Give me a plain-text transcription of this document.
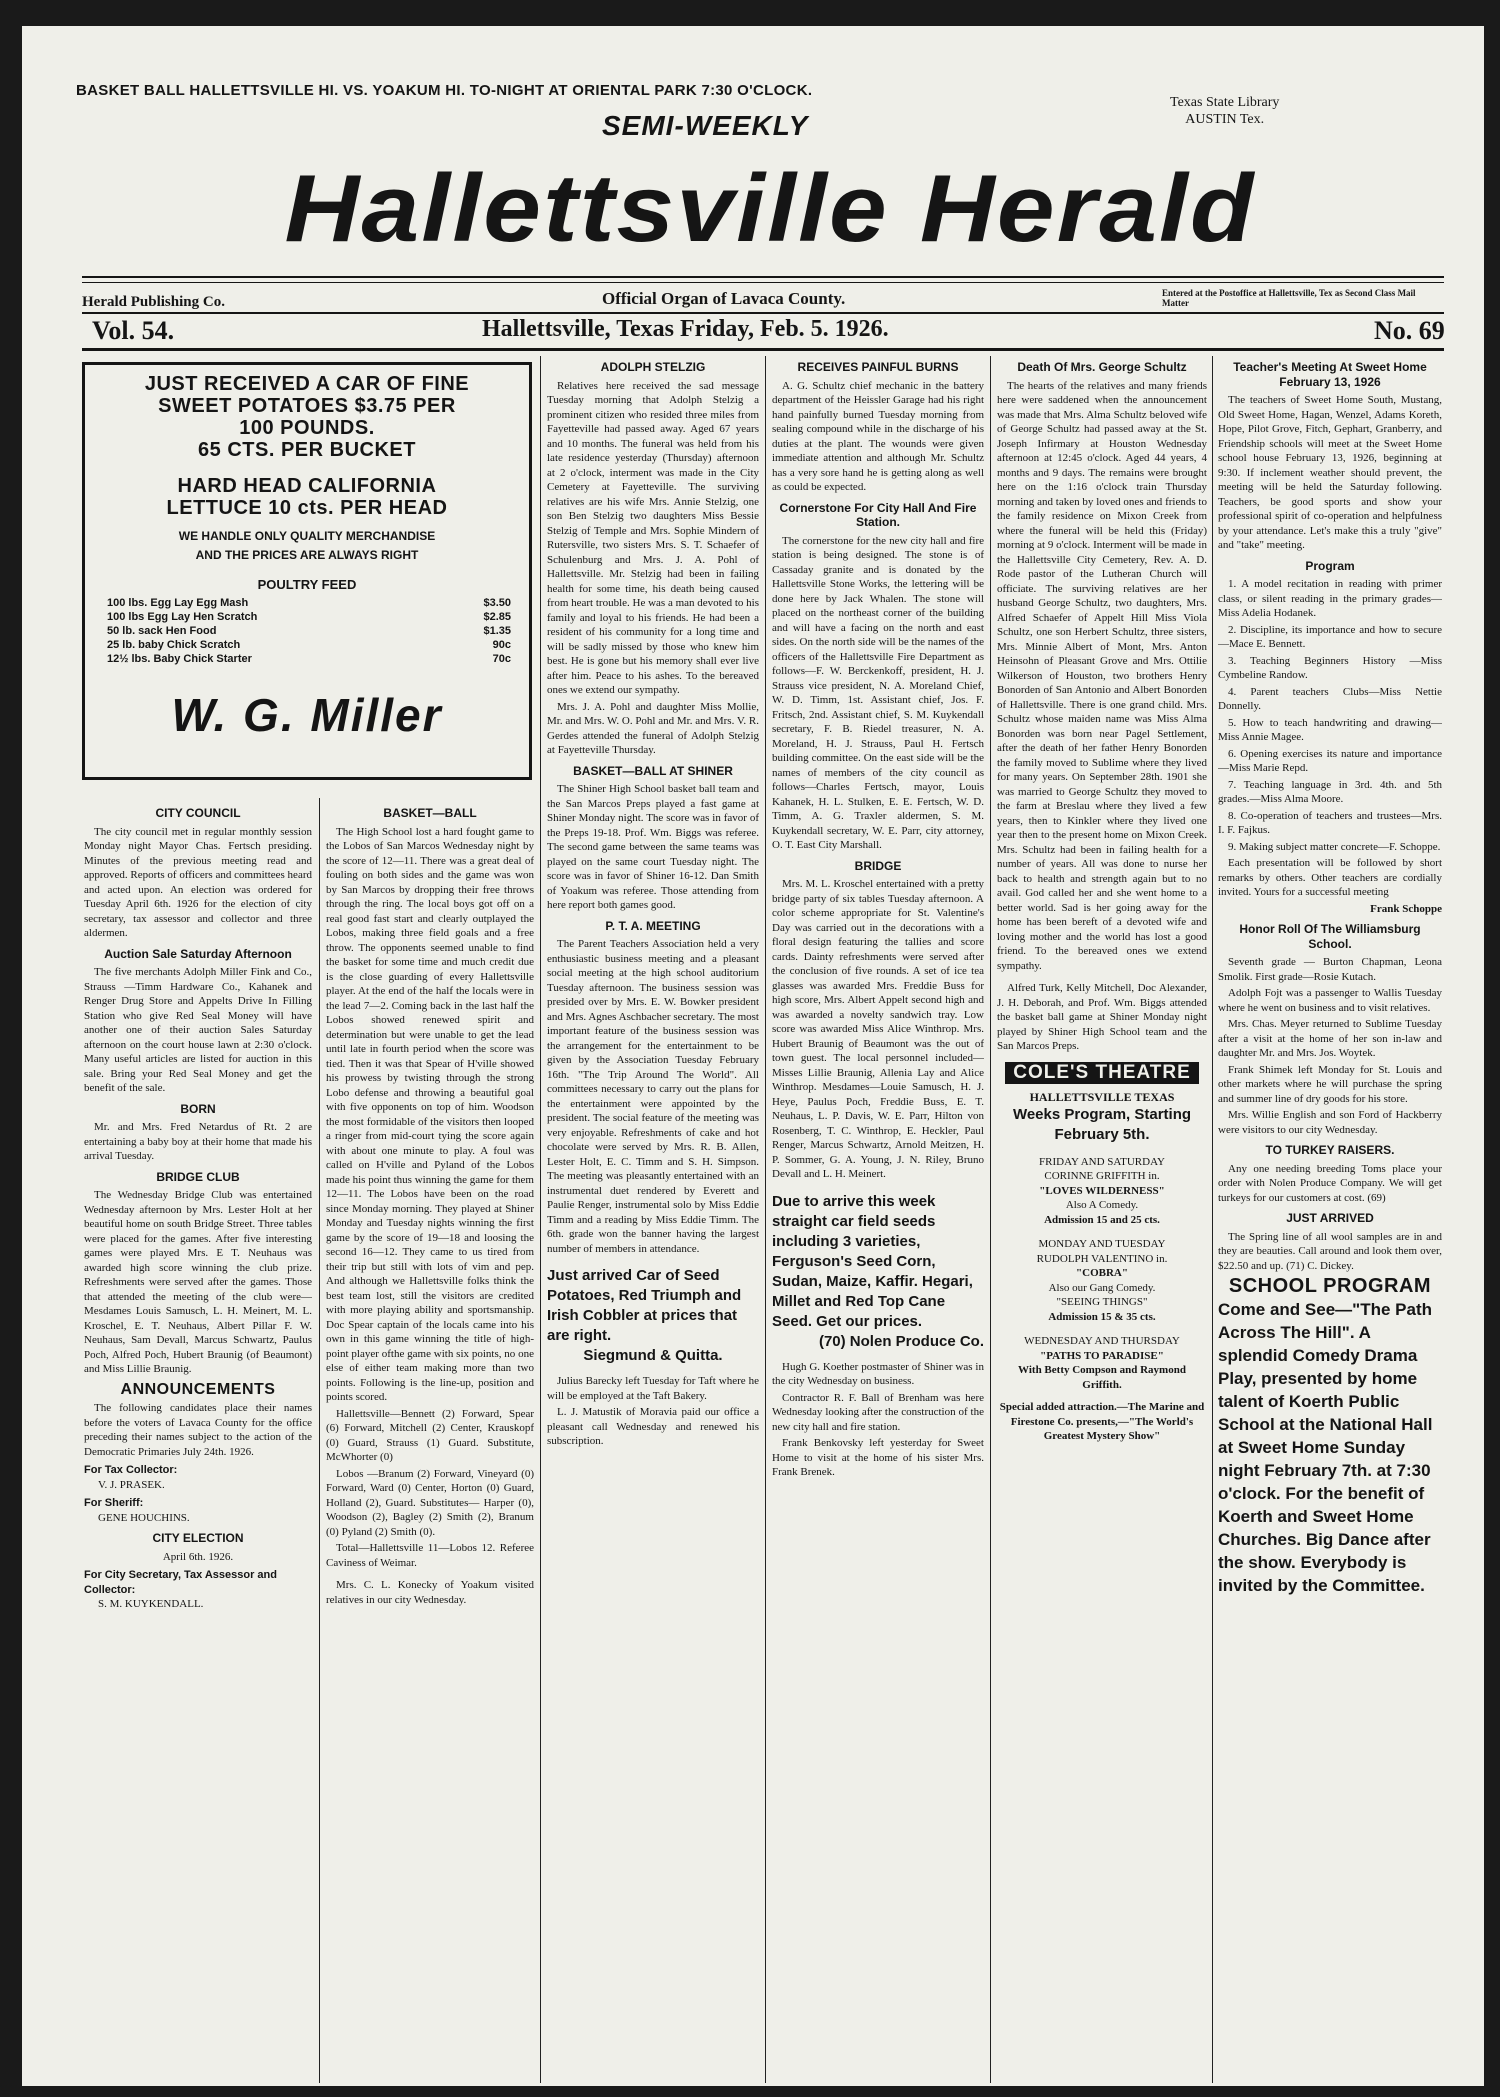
BASKET BALL HALLETTSVILLE HI. VS. YOAKUM HI. TO-NIGHT AT ORIENTAL PARK 7:30 O'CLOCK.
Texas State Library
AUSTIN Tex.
SEMI-WEEKLY
Hallettsville Herald
Herald Publishing Co.	Official Organ of Lavaca County.	Entered at the Postoffice at Hallettsville, Tex as Second Class Mail Matter
Vol. 54.	Hallettsville, Texas Friday, Feb. 5. 1926.	No. 69
JUST RECEIVED A CAR OF FINE
SWEET POTATOES $3.75 PER
100 POUNDS.
65 CTS. PER BUCKET
HARD HEAD CALIFORNIA
LETTUCE 10 cts. PER HEAD
WE HANDLE ONLY QUALITY MERCHANDISE
AND THE PRICES ARE ALWAYS RIGHT
POULTRY FEED
100 lbs. Egg Lay Egg Mash	$3.50
100 lbs Egg Lay Hen Scratch	$2.85
50 lb. sack Hen Food	$1.35
25 lb. baby Chick Scratch	90c
12½ lbs. Baby Chick Starter	70c
W. G. Miller
CITY COUNCIL

The city council met in regular monthly session Monday night Mayor Chas. Fertsch presiding. Minutes of the previous meeting read and approved. Reports of officers and committees heard and acted upon. An election was ordered for Tuesday April 6th. 1926 for the election of city secretary, tax assessor and collector and three aldermen.

Auction Sale Saturday Afternoon

The five merchants Adolph Miller Fink and Co., Strauss —Timm Hardware Co., Kahanek and Renger Drug Store and Appelts Drive In Filling Station who give Red Seal Money will have another one of their auction Sales Saturday afternoon on the court house lawn at 2:30 o'clock. Many useful articles are listed for auction in this sale. Bring your Red Seal Money and get the benefit of the sale.

BORN

Mr. and Mrs. Fred Netardus of Rt. 2 are entertaining a baby boy at their home that made his arrival Tuesday.

BRIDGE CLUB

The Wednesday Bridge Club was entertained Wednesday afternoon by Mrs. Lester Holt at her beautiful home on south Bridge Street. Three tables were placed for the games. After five interesting games were played Mrs. E T. Neuhaus was awarded high score winning the club prize. Refreshments were served after the games. Those that attended the meeting of the club were— Mesdames Louis Samusch, L. H. Meinert, M. L. Kroschel, E. T. Neuhaus, Albert Pillar F. W. Neuhaus, Sam Devall, Marcus Schwartz, Paulus Poch, Alfred Poch, Hubert Braunig (of Beaumont) and Miss Lillie Braunig.

ANNOUNCEMENTS

The following candidates place their names before the voters of Lavaca County for the office preceding their names subject to the action of the Democratic Primaries July 24th. 1926.

For Tax Collector:
V. J. PRASEK.
For Sheriff:
GENE HOUCHINS.
CITY ELECTION
April 6th. 1926.
For City Secretary, Tax Assessor and Collector:
S. M. KUYKENDALL.
BASKET—BALL

The High School lost a hard fought game to the Lobos of San Marcos Wednesday night by the score of 12—11. There was a great deal of fouling on both sides and the game was won by San Marcos by dropping their free throws through the ring. The local boys got off on a real good fast start and clearly outplayed the Lobos, making three field goals and a free throw. The opponents seemed unable to find the basket for some time and much credit due is the close guarding of every Hallettsville player. At the end of the half the locals were in the lead 7—2. Coming back in the last half the Lobos showed renewed spirit and determination but were unable to get the lead until late in fourth period when the score was tied. Then it was that Spear of H'ville showed his prowess by twisting through the strong Lobo defense and throwing a beautiful goal with five opponents on top of him. Woodson the most formidable of the visitors then looped a ringer from mid-court tying the score again with about one minute to play. A foul was called on H'ville and Pyland of the Lobos made his point thus winning the game for them 12—11. The Lobos have been on the road since Monday morning. They played at Shiner Monday and Tuesday nights winning the first game by the score of 19—18 and loosing the second 16—12. They came to us tired from their trip but still with lots of vim and pep. And although we Hallettsville folks think the best team lost, still the visitors are credited with more playing ability and sportsmanship. Doc Spear captain of the locals came into his own in this game winning the title of high-point player ofthe game with six points, no one else of either team making more than two points. Following is the line-up, position and points scored.

Hallettsville—Bennett (2) Forward, Spear (6) Forward, Mitchell (2) Center, Krauskopf (0) Guard, Strauss (1) Guard. Substitute, McWhorter (0)

Lobos —Branum (2) Forward, Vineyard (0) Forward, Ward (0) Center, Horton (0) Guard, Holland (2), Guard. Substitutes— Harper (0), Woodson (2), Bagley (2) Smith (2), Branum (0) Pyland (2) Smith (0).

Total—Hallettsville 11—Lobos 12. Referee Caviness of Weimar.

Mrs. C. L. Konecky of Yoakum visited relatives in our city Wednesday.

ADOLPH STELZIG

Relatives here received the sad message Tuesday morning that Adolph Stelzig a prominent citizen who resided three miles from Fayetteville had passed away. Aged 67 years and 10 months. The funeral was held from his late residence yesterday (Thursday) afternoon at 2 o'clock, interment was made in the City Cemetery at Fayetteville. The surviving relatives are his wife Mrs. Annie Stelzig, one son Ben Stelzig two daughters Miss Bessie Stelzig of Temple and Mrs. Sophie Mindern of Rutersville, two sisters Mrs. S. T. Schaefer of Schulenburg and Mrs. J. A. Pohl of Hallettsville. Mr. Stelzig had been in failing health for some time, his death being caused from heart trouble. He was a man devoted to his family and loyal to his friends. He had been a resident of his community for a long time and will be sadly missed by those who knew him best. He is gone but his memory shall ever live after him. Peace to his ashes. To the bereaved ones we extend our sympathy.

Mrs. J. A. Pohl and daughter Miss Mollie, Mr. and Mrs. W. O. Pohl and Mr. and Mrs. V. R. Gerdes attended the funeral of Adolph Stelzig at Fayetteville Thursday.

BASKET—BALL AT SHINER

The Shiner High School basket ball team and the San Marcos Preps played a fast game at Shiner Monday night. The score was in favor of the Preps 19-18. Prof. Wm. Biggs was referee. The second game between the same teams was played on the same court Tuesday night. The score was in favor of Shiner 16-12. Dan Smith of Yoakum was referee. Those attending from here report both games good.

P. T. A. MEETING

The Parent Teachers Association held a very enthusiastic business meeting and a pleasant social meeting at the high school auditorium Tuesday afternoon. The business session was presided over by Mrs. E. W. Bowker president and Mrs. Agnes Aschbacher secretary. The most important feature of the business session was the arrangement for the entertainment to be given by the Association Tuesday February 16th. "The Trip Around The World". All committees necessary to carry out the plans for the entertainment were appointed by the president. The social feature of the meeting was very enjoyable. Refreshments of cake and hot chocolate were served by Mrs. R. B. Allen, Lester Holt, E. C. Timm and S. H. Simpson. The meeting was pleasantly entertained with an instrumental duet rendered by Everett and Paulie Renger, instrumental solo by Miss Eddie Timm and a reading by Miss Eddie Timm. The 6th. grade won the banner having the largest number of members in attendance.

Just arrived Car of Seed Potatoes, Red Triumph and Irish Cobbler at prices that are right.
Siegmund & Quitta.

Julius Barecky left Tuesday for Taft where he will be employed at the Taft Bakery.

L. J. Matustik of Moravia paid our office a pleasant call Wednesday and renewed his subscription.

RECEIVES PAINFUL BURNS

A. G. Schultz chief mechanic in the battery department of the Heissler Garage had his right hand painfully burned Tuesday morning from sealing compound while in the discharge of his duties at the plant. The wounds were given immediate attention and although Mr. Schultz has a very sore hand he is getting along as well as could be expected.

Cornerstone For City Hall And Fire Station.

The cornerstone for the new city hall and fire station is being designed. The stone is of Cassaday granite and is donated by the Hallettsville Stone Works, the lettering will be done here by Jack Whalen. The stone will placed on the northeast corner of the building and will have a facing on the north and east sides. On the north side will be the names of the officers of the Hallettsville Fire Department as follows—F. W. Berckenkoff, president, H. J. Strauss vice president, N. A. Moreland Chief, W. D. Timm, 1st. Assistant chief, Jos. F. Fritsch, 2nd. Assistant chief, S. M. Kuykendall secretary, F. B. Riedel treasurer, N. A. Moreland, H. J. Strauss, Paul H. Fertsch building committee. On the east side will be the names of members of the city council as follows—Charles Fertsch, mayor, Louis Kahanek, H. L. Stulken, E. E. Fertsch, W. D. Timm, A. G. Traxler aldermen, S. M. Kuykendall secretary, W. E. Parr, city attorney, O. T. East City Marshall.

BRIDGE

Mrs. M. L. Kroschel entertained with a pretty bridge party of six tables Tuesday afternoon. A color scheme appropriate for St. Valentine's Day was carried out in the decorations with a floral design featuring the tallies and score cards. Dainty refreshments were served after the conclusion of five rounds. A set of ice tea glasses was awarded Mrs. Freddie Buss for high score, Mrs. Albert Appelt second high and was awarded a novelty sandwich tray. Low score was awarded Miss Alice Winthrop. Mrs. Hubert Braunig of Beaumont was the out of town guest. The local personnel included—Misses Lillie Braunig, Allenia Lay and Alice Winthrop. Mesdames—Louie Samusch, H. J. Heye, Paulus Poch, Freddie Buss, E. T. Neuhaus, L. P. Davis, W. E. Parr, Hilton von Rosenberg, T. C. Winthrop, E. Heckler, Paul Renger, Marcus Schwartz, Arnold Meitzen, H. P. Sommer, G. A. Young, J. N. Riley, Bruno Devall and L. H. Meinert.

Due to arrive this week straight car field seeds including 3 varieties, Ferguson's Seed Corn, Sudan, Maize, Kaffir. Hegari, Millet and Red Top Cane Seed. Get our prices.
(70) Nolen Produce Co.

Hugh G. Koether postmaster of Shiner was in the city Wednesday on business.

Contractor R. F. Ball of Brenham was here Wednesday looking after the construction of the new city hall and fire station.

Frank Benkovsky left yesterday for Sweet Home to visit at the home of his sister Mrs. Frank Brenek.

Death Of Mrs. George Schultz

The hearts of the relatives and many friends here were saddened when the announcement was made that Mrs. Alma Schultz beloved wife of George Schultz had passed away at the St. Joseph Infirmary at Houston Wednesday afternoon at 12:45 o'clock. Aged 44 years, 4 months and 9 days. The remains were brought here on the 1:16 o'clock train Thursday morning and taken by loved ones and friends to the family residence on Mixon Creek from where the funeral will be held this (Friday) morning at 9 o'clock. Interment will be made in the Hallettsville City Cemetery, Rev. A. D. Rode pastor of the Lutheran Church will officiate. The surviving relatives are her husband George Schultz, two daughters, Mrs. Alfred Schaefer of Appelt Hill Miss Viola Schultz, one son Herbert Schultz, three sisters, Mrs. Minnie Albert of Mont, Mrs. Anton Heinsohn of Pleasant Grove and Mrs. Ottilie Wilkerson of Houston, two brothers Henry Bonorden of San Antonio and Albert Bonorden of Hallettsville. There is one grand child. Mrs. Schultz whose maiden name was Miss Alma Bonorden was born near Pagel Settlement, after the death of her father Henry Bonorden the family moved to Sublime where they lived for many years. On September 28th. 1901 she was married to George Schultz they moved to the farm at Breslau where they lived a few years, then to Kinkler where they lived one year then to the present home on Mixon Creek. Mrs. Schultz had been in failing health for a number of years. All was done to nurse her back to health and strength again but to no avail. God called her and she went home to a better world. Sad is her going away for the home has been bereft of a devoted wife and loving mother and the world has lost a good friend. To the bereaved ones we extend sympathy.

Alfred Turk, Kelly Mitchell, Doc Alexander, J. H. Deborah, and Prof. Wm. Biggs attended the basket ball game at Shiner Monday night played by Shiner High School team and the San Marcos Preps.

COLE'S THEATRE
HALLETTSVILLE TEXAS
Weeks Program, Starting February 5th.
FRIDAY AND SATURDAY
CORINNE GRIFFITH in.
"LOVES WILDERNESS"
Also A Comedy.
Admission 15 and 25 cts.
MONDAY AND TUESDAY
RUDOLPH VALENTINO in.
"COBRA"
Also our Gang Comedy.
"SEEING THINGS"
Admission 15 & 35 cts.
WEDNESDAY AND THURSDAY
"PATHS TO PARADISE"
With Betty Compson and Raymond Griffith.
Special added attraction.—The Marine and Firestone Co. presents,—"The World's Greatest Mystery Show"
Teacher's Meeting At Sweet Home February 13, 1926

The teachers of Sweet Home South, Mustang, Old Sweet Home, Hagan, Wenzel, Adams Koreth, Hope, Pilot Grove, Fitch, Gephart, Granberry, and Friendship schools will meet at the Sweet Home school house February 13, 1926, beginning at 9:30. If inclement weather should prevent, the meeting will be held the Saturday following. Teachers, be good sports and show your professional spirit of co-operation and helpfulness by your attendance. Let's make this a truly "give" and "take" meeting.

Program

1. A model recitation in reading with primer class, or silent reading in the primary grades—Miss Adelia Hodanek.

2. Discipline, its importance and how to secure—Mace E. Bennett.

3. Teaching Beginners History —Miss Cymbeline Randow.

4. Parent teachers Clubs—Miss Nettie Donnelly.

5. How to teach handwriting and drawing—Miss Annie Magee.

6. Opening exercises its nature and importance—Miss Marie Repd.

7. Teaching language in 3rd. 4th. and 5th grades.—Miss Alma Moore.

8. Co-operation of teachers and trustees—Mrs. I. F. Fajkus.

9. Making subject matter concrete—F. Schoppe.

Each presentation will be followed by short remarks by others. Other teachers are cordially invited. Yours for a successful meeting

Frank Schoppe
Honor Roll Of The Williamsburg School.

Seventh grade — Burton Chapman, Leona Smolik. First grade—Rosie Kutach.

Adolph Fojt was a passenger to Wallis Tuesday where he went on business and to visit relatives.

Mrs. Chas. Meyer returned to Sublime Tuesday after a visit at the home of her son in-law and daughter Mr. and Mrs. Jos. Woytek.

Frank Shimek left Monday for St. Louis and other markets where he will purchase the spring and summer line of dry goods for his store.

Mrs. Willie English and son Ford of Hackberry were visitors to our city Wednesday.

TO TURKEY RAISERS.

Any one needing breeding Toms place your order with Nolen Produce Company. We will get turkeys for our customers at cost. (69)

JUST ARRIVED

The Spring line of all wool samples are in and they are beauties. Call around and look them over, $22.50 and up. (71) C. Dickey.

SCHOOL PROGRAM
Come and See—"The Path Across The Hill". A splendid Comedy Drama Play, presented by home talent of Koerth Public School at the National Hall at Sweet Home Sunday night February 7th. at 7:30 o'clock. For the benefit of Koerth and Sweet Home Churches. Big Dance after the show. Everybody is invited by the Committee.
